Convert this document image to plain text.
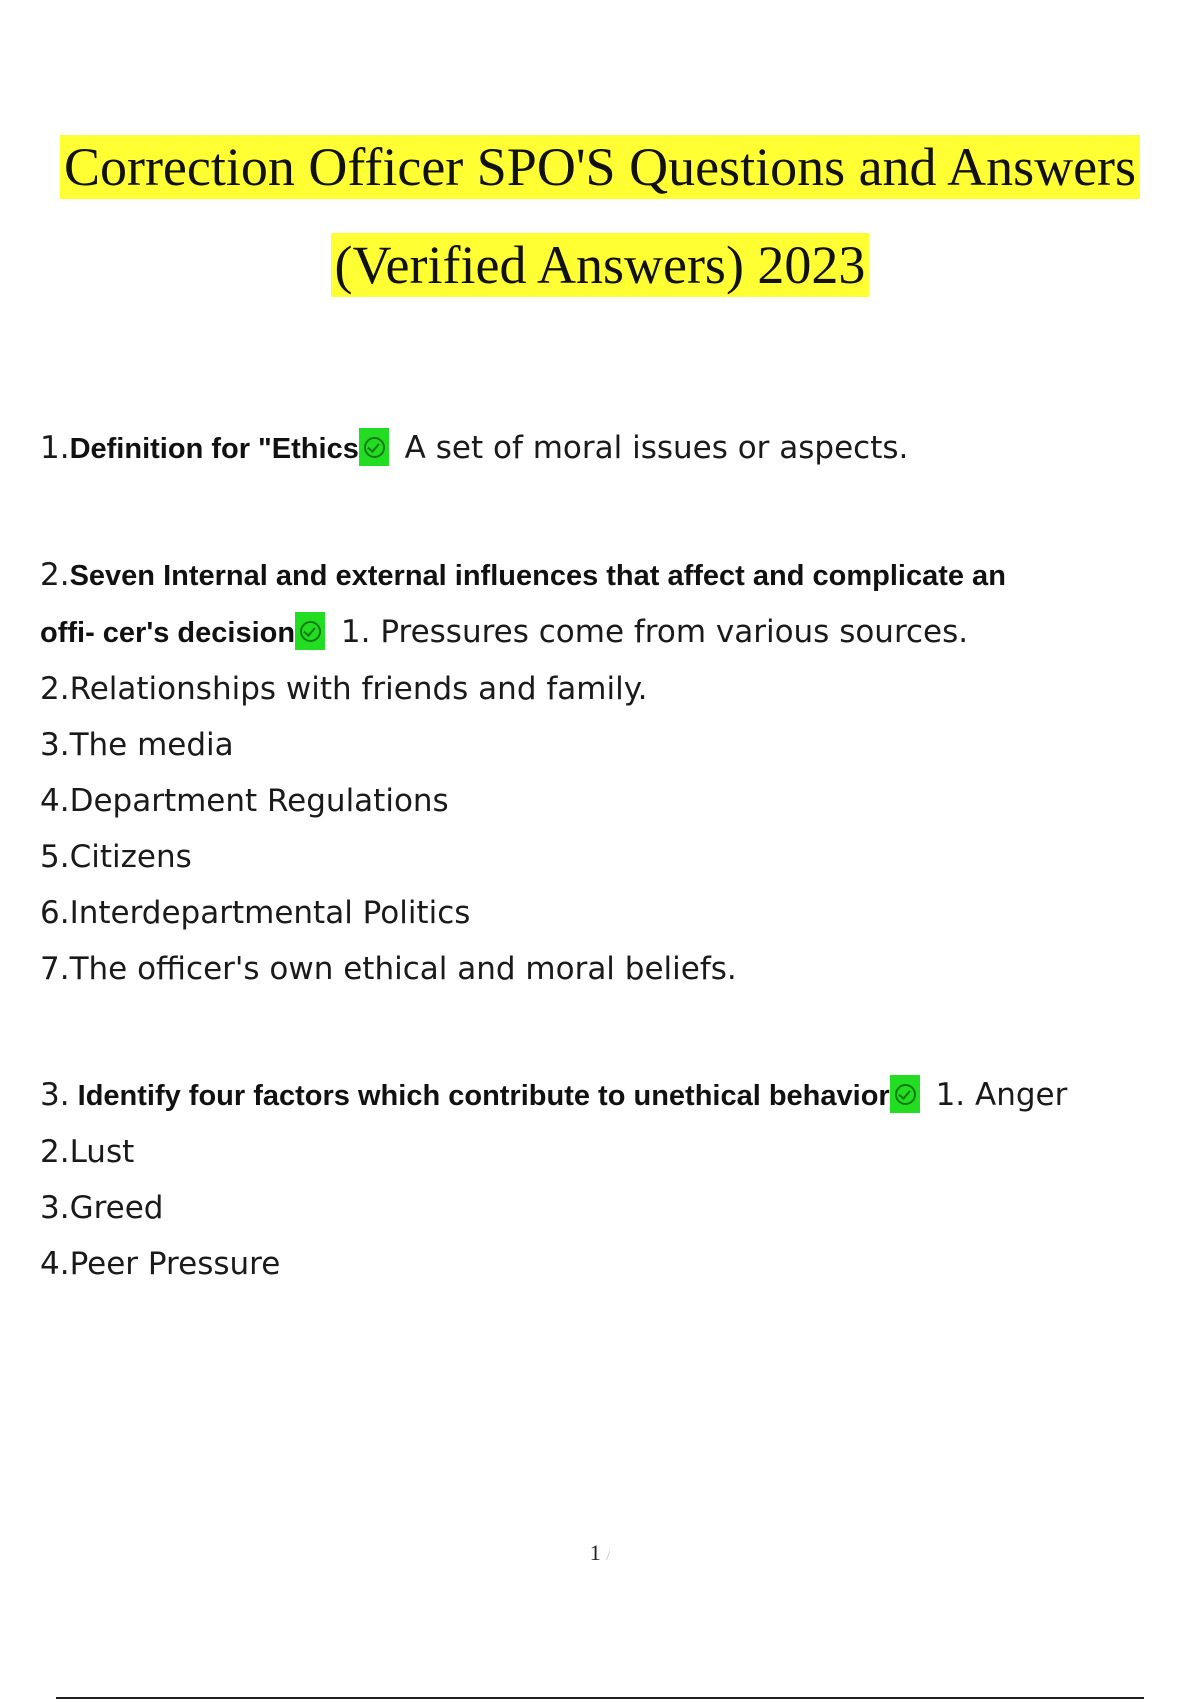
Correction Officer SPO'S Questions and Answers
(Verified Answers) 2023
1.Definition for "Ethics A set of moral issues or aspects.
2.Seven Internal and external influences that affect and complicate an
offi- cer's decision 1. Pressures come from various sources.
2.Relationships with friends and family.
3.The media
4.Department Regulations
5.Citizens
6.Interdepartmental Politics
7.The officer's own ethical and moral beliefs.
3. Identify four factors which contribute to unethical behavior 1. Anger
2.Lust
3.Greed
4.Peer Pressure
1 /
